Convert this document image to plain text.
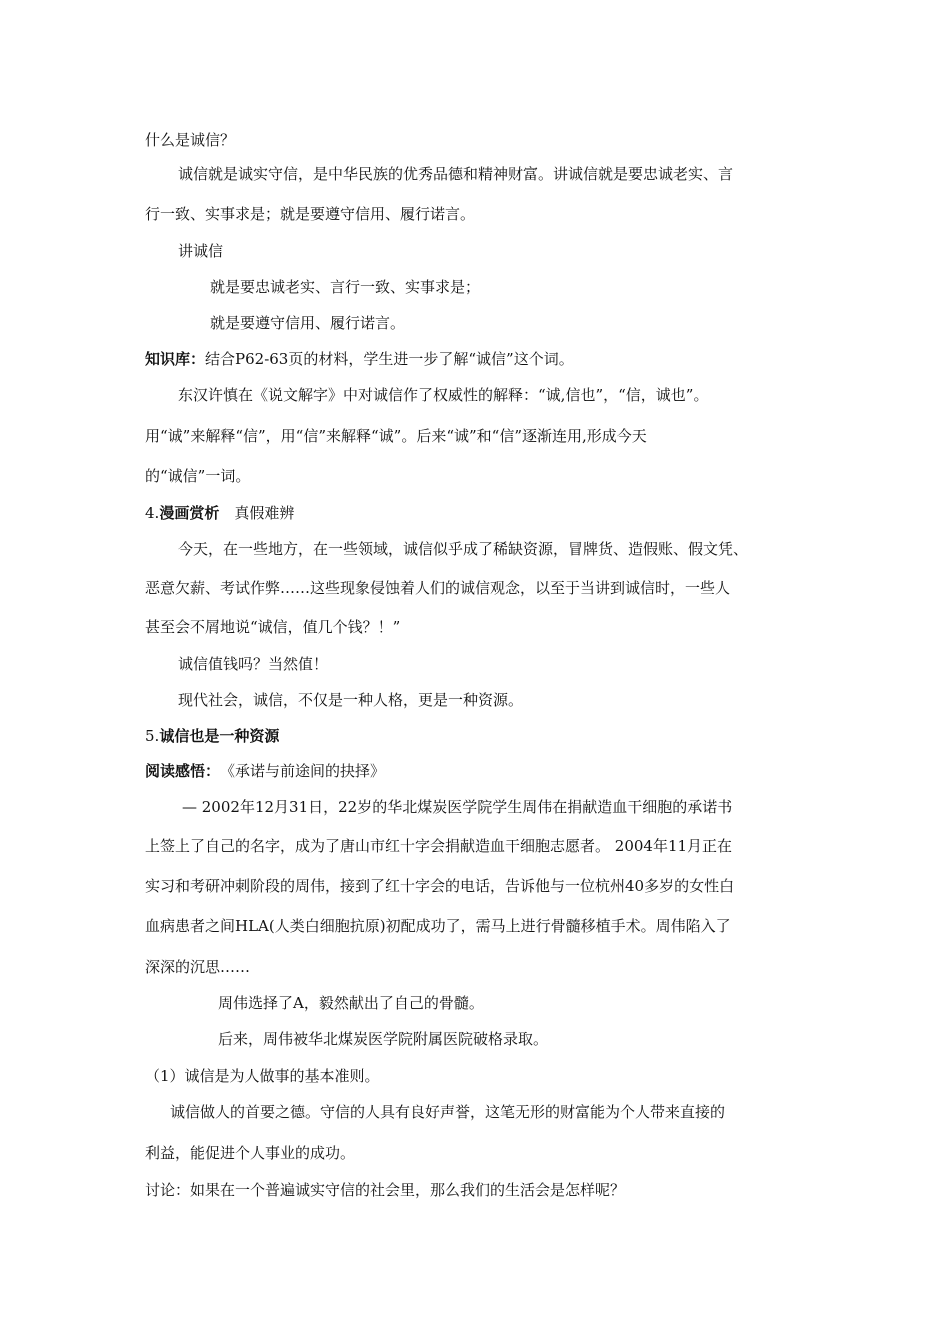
什么是诚信？
诚信就是诚实守信，是中华民族的优秀品德和精神财富。讲诚信就是要忠诚老实、言
行一致、实事求是；就是要遵守信用、履行诺言。
讲诚信
就是要忠诚老实、言行一致、实事求是；
就是要遵守信用、履行诺言。
知识库：结合P62-63页的材料，学生进一步了解“诚信”这个词。
东汉许慎在《说文解字》中对诚信作了权威性的解释：“诚,信也”，“信，诚也”。
用“诚”来解释“信”，用“信”来解释“诚”。后来“诚”和“信”逐渐连用,形成今天
的“诚信”一词。
4.漫画赏析　真假难辨
今天，在一些地方，在一些领域，诚信似乎成了稀缺资源，冒牌货、造假账、假文凭、
恶意欠薪、考试作弊……这些现象侵蚀着人们的诚信观念，以至于当讲到诚信时，一些人
甚至会不屑地说“诚信，值几个钱？！”
诚信值钱吗？当然值！
现代社会，诚信，不仅是一种人格，更是一种资源。
5.诚信也是一种资源
阅读感悟：　《承诺与前途间的抉择》
— 2002年12月31日，22岁的华北煤炭医学院学生周伟在捐献造血干细胞的承诺书
上签上了自己的名字，成为了唐山市红十字会捐献造血干细胞志愿者。 2004年11月正在
实习和考研冲刺阶段的周伟，接到了红十字会的电话，告诉他与一位杭州40多岁的女性白
血病患者之间HLA(人类白细胞抗原)初配成功了，需马上进行骨髓移植手术。周伟陷入了
深深的沉思……
周伟选择了A，毅然献出了自己的骨髓。
后来，周伟被华北煤炭医学院附属医院破格录取。
（1）诚信是为人做事的基本准则。
诚信做人的首要之德。守信的人具有良好声誉，这笔无形的财富能为个人带来直接的
利益，能促进个人事业的成功。
讨论：如果在一个普遍诚实守信的社会里，那么我们的生活会是怎样呢？
